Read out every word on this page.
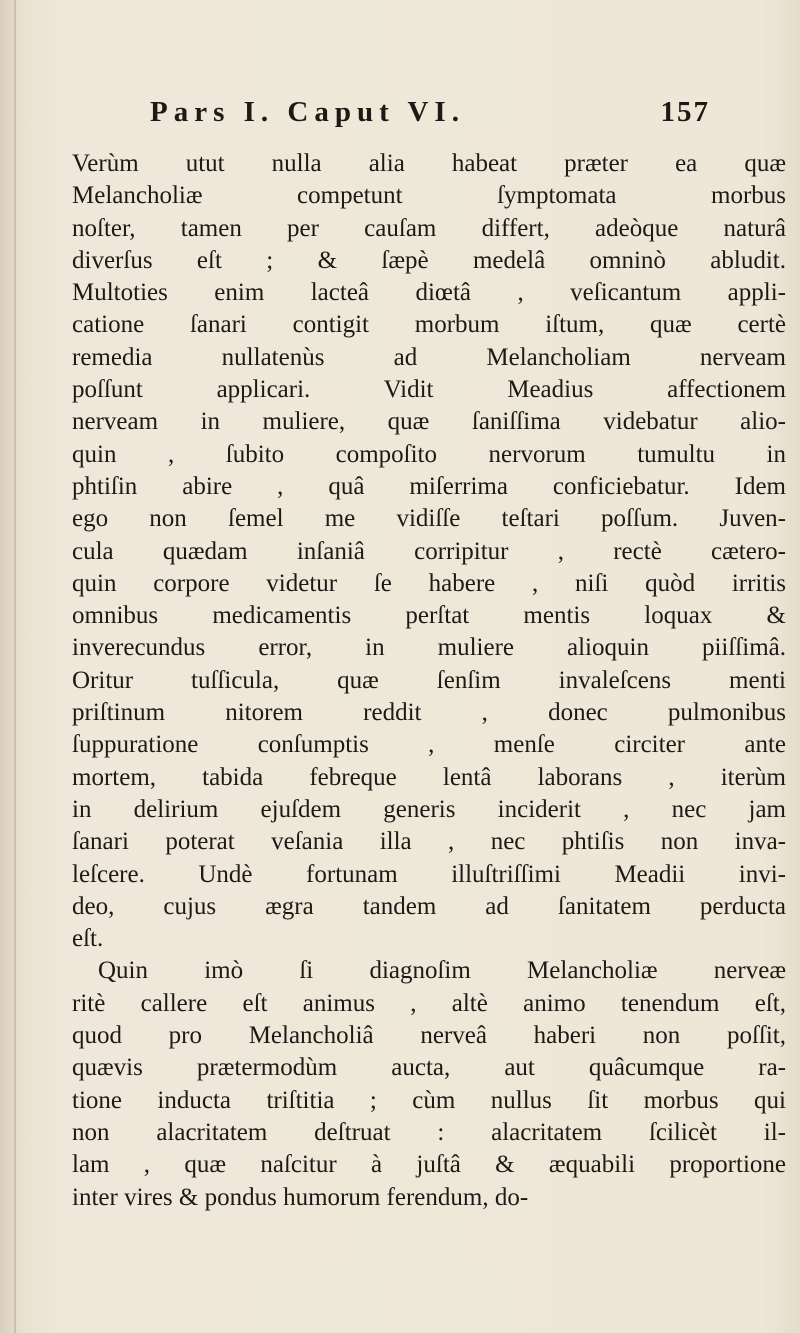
Pars I. Caput VI.	157
Verùm utut nulla alia habeat præter ea quæ
Melancholiæ competunt ſymptomata morbus
noſter, tamen per cauſam differt, adeòque naturâ
diverſus eſt ; & ſæpè medelâ omninò abludit.
Multoties enim lacteâ diœtâ , veſicantum appli-
catione ſanari contigit morbum iſtum, quæ certè
remedia nullatenùs ad Melancholiam nerveam
poſſunt applicari. Vidit Meadius affectionem
nerveam in muliere, quæ ſaniſſima videbatur alio-
quin , ſubito compoſito nervorum tumultu in
phtiſin abire , quâ miſerrima conficiebatur. Idem
ego non ſemel me vidiſſe teſtari poſſum. Juven-
cula quædam inſaniâ corripitur , rectè cætero-
quin corpore videtur ſe habere , niſi quòd irritis
omnibus medicamentis perſtat mentis loquax &
inverecundus error, in muliere alioquin piiſſimâ.
Oritur tuſſicula, quæ ſenſim invaleſcens menti
priſtinum nitorem reddit , donec pulmonibus
ſuppuratione conſumptis , menſe circiter ante
mortem, tabida febreque lentâ laborans , iterùm
in delirium ejuſdem generis inciderit , nec jam
ſanari poterat veſania illa , nec phtiſis non inva-
leſcere. Undè fortunam illuſtriſſimi Meadii invi-
deo, cujus ægra tandem ad ſanitatem perducta
eſt.
Quin imò ſi diagnoſim Melancholiæ nerveæ
ritè callere eſt animus , altè animo tenendum eſt,
quod pro Melancholiâ nerveâ haberi non poſſit,
quævis prætermodùm aucta, aut quâcumque ra-
tione inducta triſtitia ; cùm nullus ſit morbus qui
non alacritatem deſtruat : alacritatem ſcilicèt il-
lam , quæ naſcitur à juſtâ & æquabili proportione
inter vires & pondus humorum ferendum, do-
